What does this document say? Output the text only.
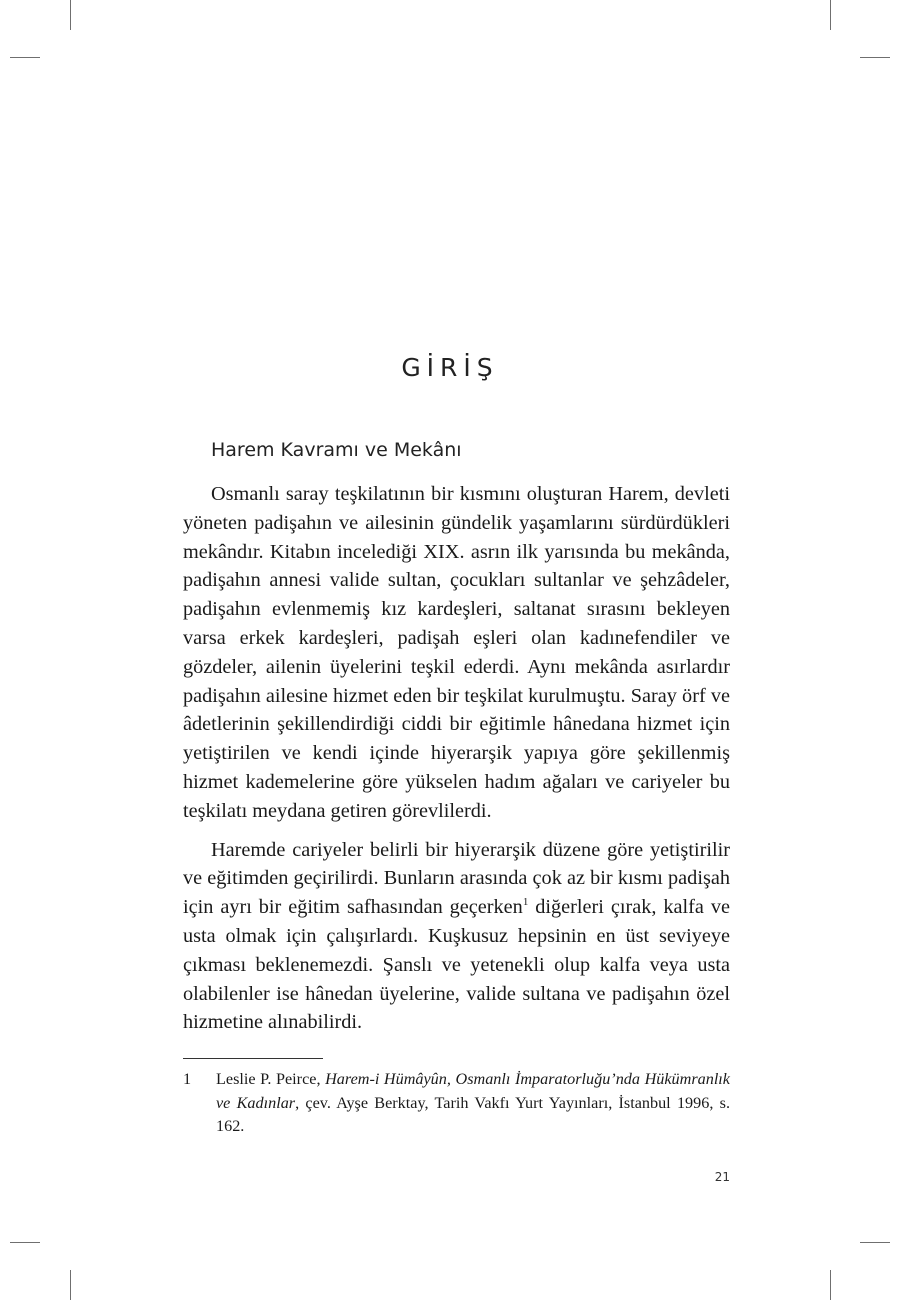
GİRİŞ
Harem Kavramı ve Mekânı

Osmanlı saray teşkilatının bir kısmını oluşturan Harem, devleti yöneten padişahın ve ailesinin gündelik yaşamlarını sürdürdükleri mekândır. Kitabın incelediği XIX. asrın ilk yarısında bu mekânda, padişahın annesi valide sultan, çocukları sultanlar ve şehzâdeler, padişahın evlenmemiş kız kardeşleri, saltanat sırasını bekleyen varsa erkek kardeşleri, padişah eşleri olan kadınefendiler ve gözdeler, ailenin üyelerini teşkil ederdi. Aynı mekânda asırlardır padişahın ailesine hizmet eden bir teşkilat kurulmuştu. Saray örf ve âdetlerinin şekillendirdiği ciddi bir eğitimle hânedana hizmet için yetiştirilen ve kendi içinde hiyerarşik yapıya göre şekillenmiş hizmet kademelerine göre yükselen hadım ağaları ve cariyeler bu teşkilatı meydana getiren görevlilerdi.

Haremde cariyeler belirli bir hiyerarşik düzene göre yetiştirilir ve eğitimden geçirilirdi. Bunların arasında çok az bir kısmı padişah için ayrı bir eğitim safhasından geçerken$^1$ diğerleri çırak, kalfa ve usta olmak için çalışırlardı. Kuşkusuz hepsinin en üst seviyeye çıkması beklenemezdi. Şanslı ve yetenekli olup kalfa veya usta olabilenler ise hânedan üyelerine, valide sultana ve padişahın özel hizmetine alınabilirdi.

1	Leslie P. Peirce, Harem-i Hümâyûn, Osmanlı İmparatorluğu’nda Hükümranlık ve Kadınlar, çev. Ayşe Berktay, Tarih Vakfı Yurt Yayınları, İstanbul 1996, s. 162.
21
